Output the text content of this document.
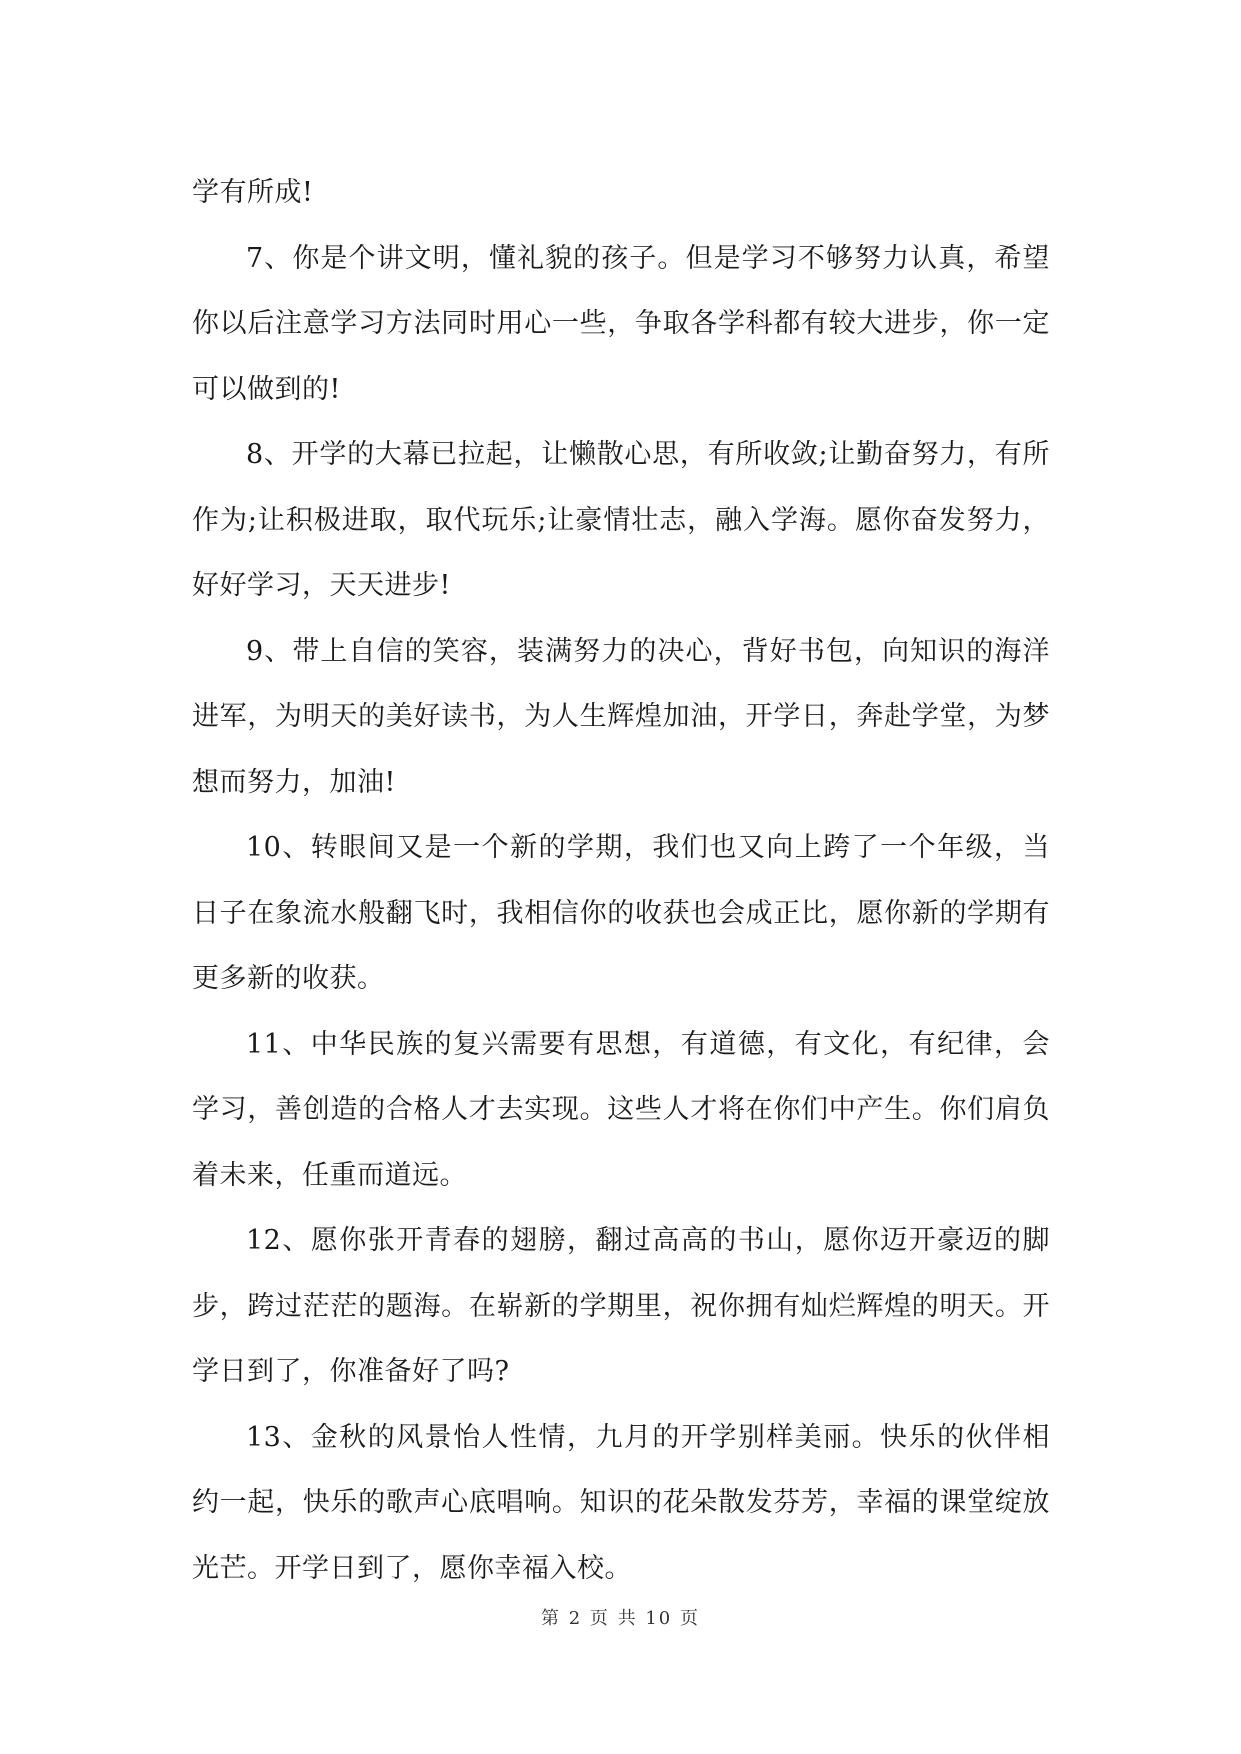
学有所成!

7、你是个讲文明，懂礼貌的孩子。但是学习不够努力认真，希望你以后注意学习方法同时用心一些，争取各学科都有较大进步，你一定可以做到的!

8、开学的大幕已拉起，让懒散心思，有所收敛;让勤奋努力，有所作为;让积极进取，取代玩乐;让豪情壮志，融入学海。愿你奋发努力，好好学习，天天进步!

9、带上自信的笑容，装满努力的决心，背好书包，向知识的海洋进军，为明天的美好读书，为人生辉煌加油，开学日，奔赴学堂，为梦想而努力，加油!

10、转眼间又是一个新的学期，我们也又向上跨了一个年级，当日子在象流水般翻飞时，我相信你的收获也会成正比，愿你新的学期有更多新的收获。

11、中华民族的复兴需要有思想，有道德，有文化，有纪律，会学习，善创造的合格人才去实现。这些人才将在你们中产生。你们肩负着未来，任重而道远。

12、愿你张开青春的翅膀，翻过高高的书山，愿你迈开豪迈的脚步，跨过茫茫的题海。在崭新的学期里，祝你拥有灿烂辉煌的明天。开学日到了，你准备好了吗?

13、金秋的风景怡人性情，九月的开学别样美丽。快乐的伙伴相约一起，快乐的歌声心底唱响。知识的花朵散发芬芳，幸福的课堂绽放光芒。开学日到了，愿你幸福入校。

第 2 页 共 10 页
